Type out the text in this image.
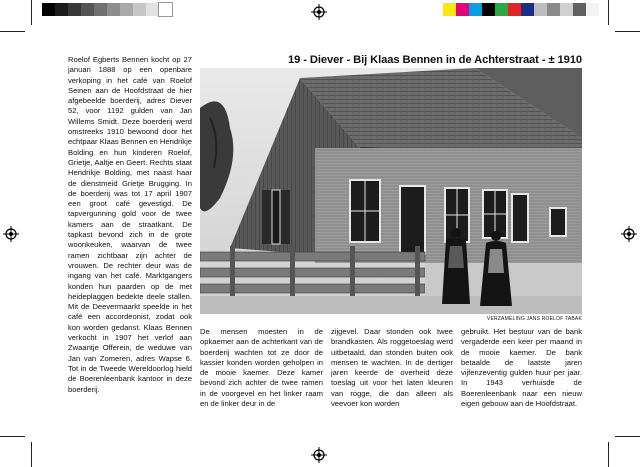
19 - Diever - Bij Klaas Bennen in de Achterstraat - ± 1910
VERZAMELING JANS ROELOF TABAK

Roelof Egberts Bennen kocht op 27 januari 1888 op een openbare verkoping in het café van Roelof Seinen aan de Hoofdstraat de hier afgebeelde boerderij, adres Diever 52, voor 1192 gulden van Jan Willems Smidt. Deze boerderij werd omstreeks 1910 bewoond door het echtpaar Klaas Bennen en Hendrikje Bolding en hun kinderen Roelof, Grietje, Aaltje en Geert. Rechts staat Hendrikje Bolding, met naast haar de dienstmeid Grietje Brugging. In de boerderij was tot 17 april 1907 een groot café gevestigd. De tapvergunning gold voor de twee kamers aan de straatkant. De tapkast bevond zich in de grote woonkeuken, waarvan de twee ramen zichtbaar zijn achter de vrouwen. De rechter deur was de ingang van het café. Marktgangers konden hun paarden op de met heideplaggen bedekte deele stallen. Mit de Deevermaarkt speelde in het café een accordeonist, zodat ook kon worden gedanst. Klaas Bennen verkocht in 1907 het verlof aan Zwaantje Offerein, de weduwe van Jan van Zomeren, adres Wapse 6. Tot in de Tweede Wereldoorlog hield de Boerenleenbank kantoor in deze boerderij.

De mensen moesten in de opkaemer aan de achterkant van de boerderij wachten tot ze door de kassier konden worden geholpen in de mooie kaemer. Deze kamer bevond zich achter de twee ramen in de voorgevel en het linker raam en de linker deur in de

zijgevel. Daar stonden ook twee brandkasten. Als roggetoeslag werd uitbetaald, dan stonden buiten ook mensen te wachten. In de dertiger jaren keerde de overheid deze toeslag uit voor het laten kleuren van rogge, die dan alleen als veevoer kon worden

gebruikt. Het bestuur van de bank vergaderde een keer per maand in de mooie kaemer. De bank betaalde de laatste jaren vijfenzeventig gulden huur per jaar. In 1943 verhuisde de Boerenleenbank naar een nieuw eigen gebouw aan de Hoofdstraat.
